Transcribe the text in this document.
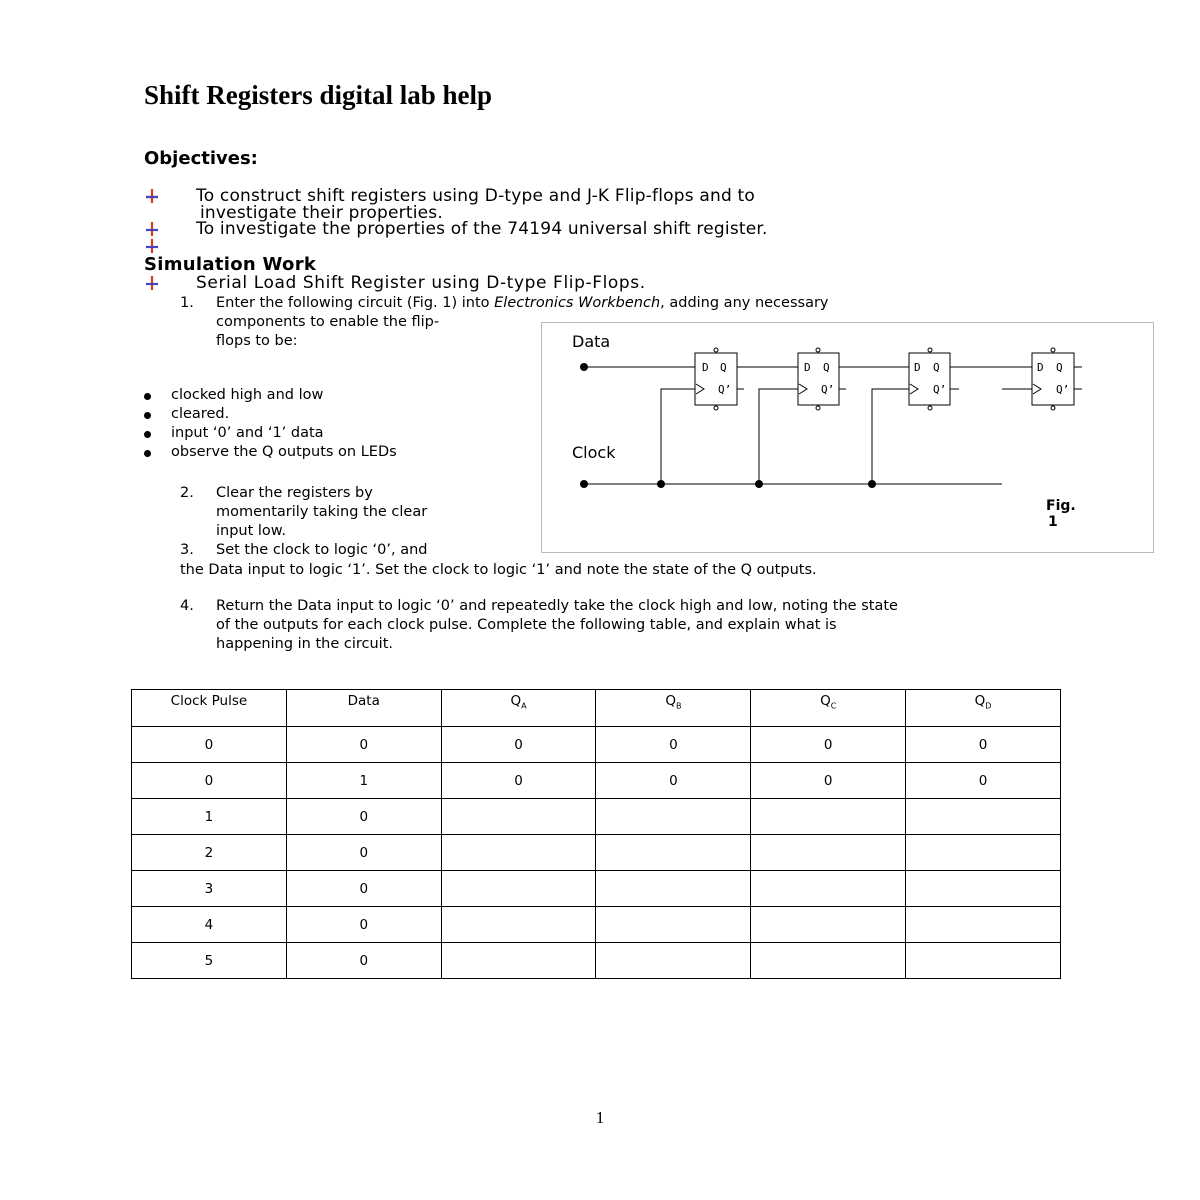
Shift Registers digital lab help
Objectives:
To construct shift registers using D-type and J-K Flip-flops and to
investigate their properties.
To investigate the properties of the 74194 universal shift register.
Simulation Work
Serial Load Shift Register using D-type Flip-Flops.
1. Enter the following circuit (Fig. 1) into Electronics Workbench, adding any necessary
components to enable the flip-
flops to be:
clocked high and low
cleared.
input ‘0’ and ‘1’ data
observe the Q outputs on LEDs
2. Clear the registers by
momentarily taking the clear
input low.
3. Set the clock to logic ‘0’, and
the Data input to logic ‘1’. Set the clock to logic ‘1’ and note the state of the Q outputs.
4. Return the Data input to logic ‘0’ and repeatedly take the clock high and low, noting the state
of the outputs for each clock pulse. Complete the following table, and explain what is
happening in the circuit.
Data
Clock
Fig.
1
D Q
Q’
D Q
Q’
D Q
Q’
D Q
Q’
Clock Pulse	Data	$Q_A$	$Q_B$	$Q_C$	$Q_D$
0	0	0	0	0	0
0	1	0	0	0	0
1	0				
2	0				
3	0				
4	0				
5	0				
1
